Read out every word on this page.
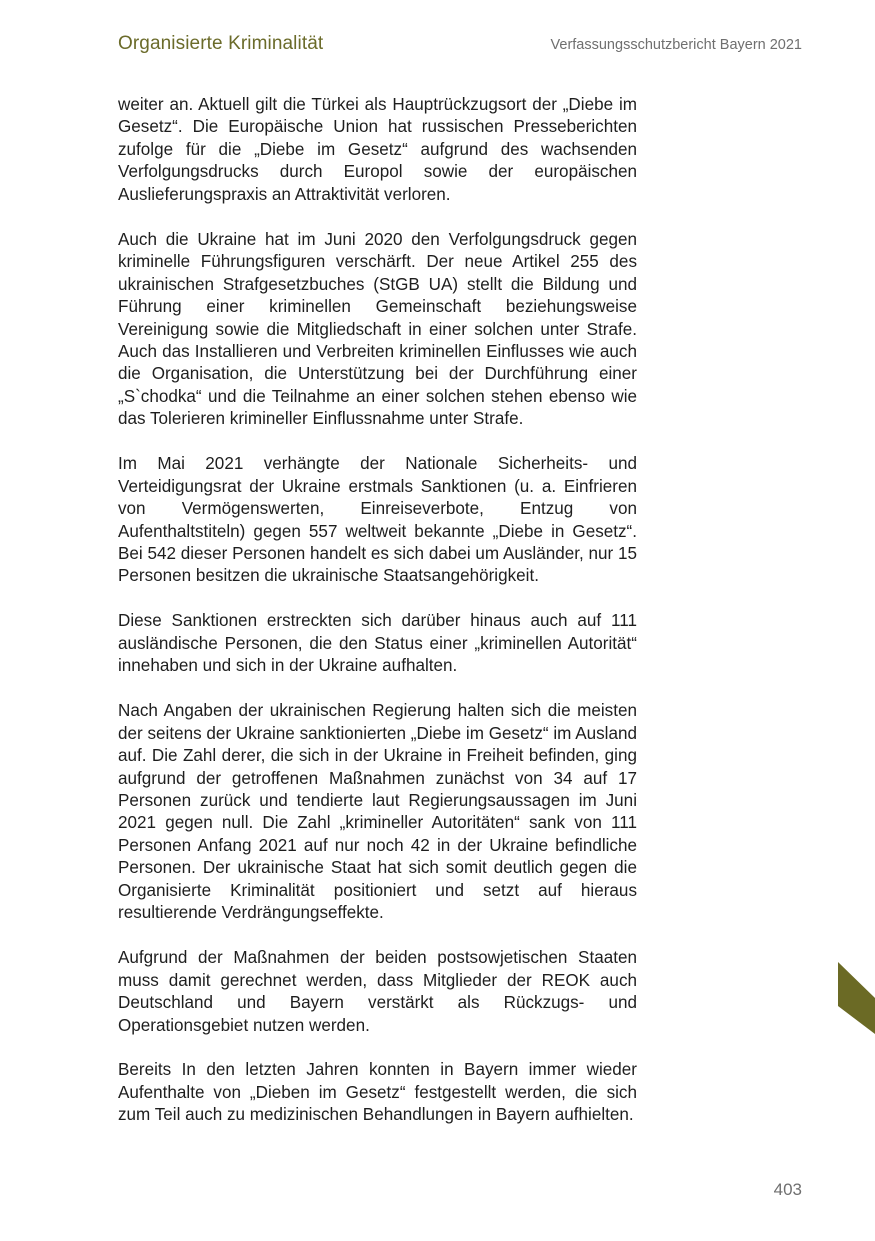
Organisierte Kriminalität	Verfassungsschutzbericht Bayern 2021

weiter an. Aktuell gilt die Türkei als Hauptrückzugsort der „Diebe im Gesetz“. Die Europäische Union hat russischen Presseberichten zufolge für die „Diebe im Gesetz“ aufgrund des wachsenden Verfolgungsdrucks durch Europol sowie der europäischen Auslieferungspraxis an Attraktivität verloren.

Auch die Ukraine hat im Juni 2020 den Verfolgungsdruck gegen kriminelle Führungsfiguren verschärft. Der neue Artikel 255 des ukrainischen Strafgesetzbuches (StGB UA) stellt die Bildung und Führung einer kriminellen Gemeinschaft beziehungsweise Vereinigung sowie die Mitgliedschaft in einer solchen unter Strafe. Auch das Installieren und Verbreiten kriminellen Einflusses wie auch die Organisation, die Unterstützung bei der Durchführung einer „S`chodka“ und die Teilnahme an einer solchen stehen ebenso wie das Tolerieren krimineller Einflussnahme unter Strafe.

Im Mai 2021 verhängte der Nationale Sicherheits- und Verteidigungsrat der Ukraine erstmals Sanktionen (u. a. Einfrieren von Vermögenswerten, Einreiseverbote, Entzug von Aufenthaltstiteln) gegen 557 weltweit bekannte „Diebe in Gesetz“. Bei 542 dieser Personen handelt es sich dabei um Ausländer, nur 15 Personen besitzen die ukrainische Staatsangehörigkeit.

Diese Sanktionen erstreckten sich darüber hinaus auch auf 111 ausländische Personen, die den Status einer „kriminellen Autorität“ innehaben und sich in der Ukraine aufhalten.

Nach Angaben der ukrainischen Regierung halten sich die meisten der seitens der Ukraine sanktionierten „Diebe im Gesetz“ im Ausland auf. Die Zahl derer, die sich in der Ukraine in Freiheit befinden, ging aufgrund der getroffenen Maßnahmen zunächst von 34 auf 17 Personen zurück und tendierte laut Regierungsaussagen im Juni 2021 gegen null. Die Zahl „krimineller Autoritäten“ sank von 111 Personen Anfang 2021 auf nur noch 42 in der Ukraine befindliche Personen. Der ukrainische Staat hat sich somit deutlich gegen die Organisierte Kriminalität positioniert und setzt auf hieraus resultierende Verdrängungseffekte.

Aufgrund der Maßnahmen der beiden postsowjetischen Staaten muss damit gerechnet werden, dass Mitglieder der REOK auch Deutschland und Bayern verstärkt als Rückzugs- und Operationsgebiet nutzen werden.

Bereits In den letzten Jahren konnten in Bayern immer wieder Aufenthalte von „Dieben im Gesetz“ festgestellt werden, die sich zum Teil auch zu medizinischen Behandlungen in Bayern aufhielten.

403
